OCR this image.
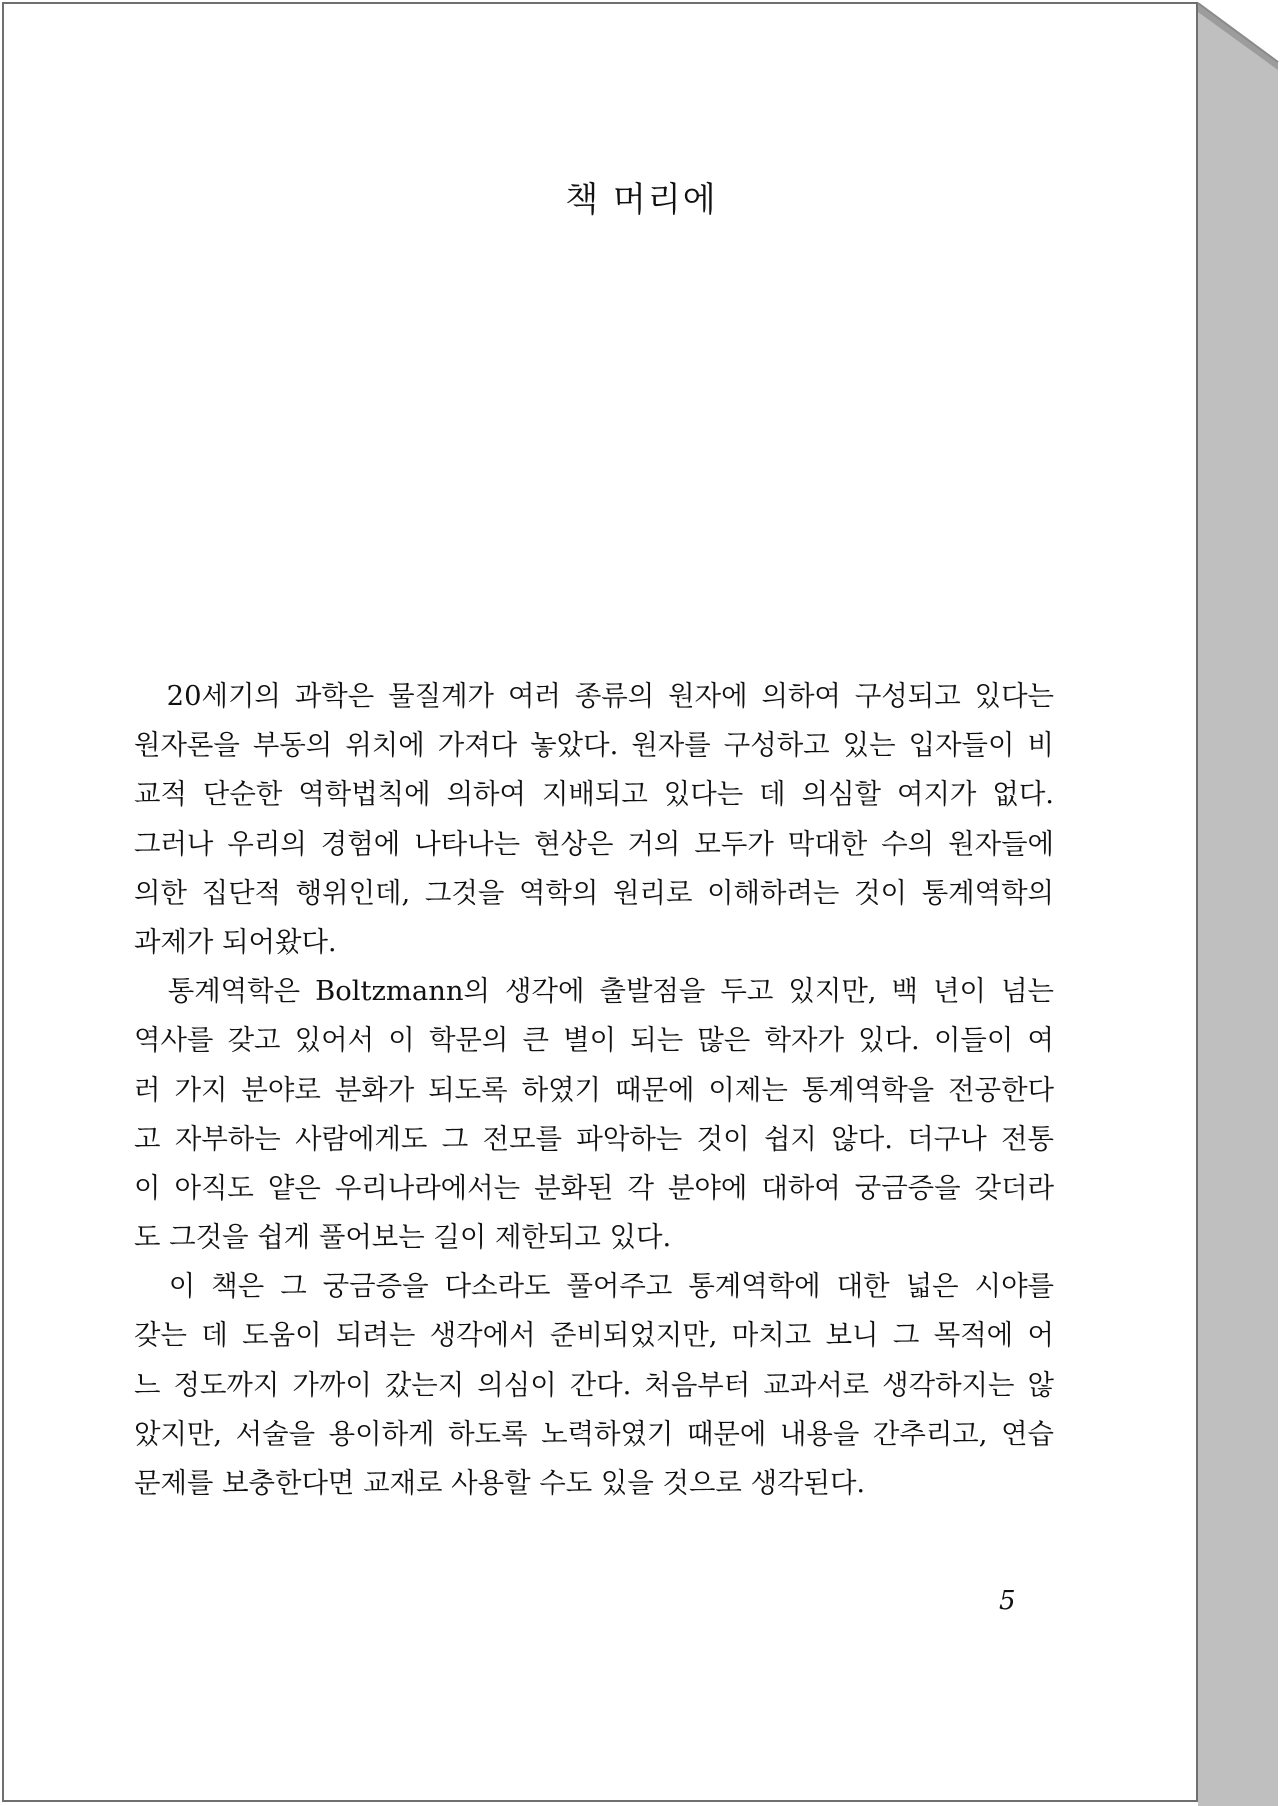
책 머리에
　20세기의 과학은 물질계가 여러 종류의 원자에 의하여 구성되고 있다는
원자론을 부동의 위치에 가져다 놓았다. 원자를 구성하고 있는 입자들이 비
교적 단순한 역학법칙에 의하여 지배되고 있다는 데 의심할 여지가 없다.
그러나 우리의 경험에 나타나는 현상은 거의 모두가 막대한 수의 원자들에
의한 집단적 행위인데, 그것을 역학의 원리로 이해하려는 것이 통계역학의
과제가 되어왔다.
　통계역학은 Boltzmann의 생각에 출발점을 두고 있지만, 백 년이 넘는
역사를 갖고 있어서 이 학문의 큰 별이 되는 많은 학자가 있다. 이들이 여
러 가지 분야로 분화가 되도록 하였기 때문에 이제는 통계역학을 전공한다
고 자부하는 사람에게도 그 전모를 파악하는 것이 쉽지 않다. 더구나 전통
이 아직도 얕은 우리나라에서는 분화된 각 분야에 대하여 궁금증을 갖더라
도 그것을 쉽게 풀어보는 길이 제한되고 있다.
　이 책은 그 궁금증을 다소라도 풀어주고 통계역학에 대한 넓은 시야를
갖는 데 도움이 되려는 생각에서 준비되었지만, 마치고 보니 그 목적에 어
느 정도까지 가까이 갔는지 의심이 간다. 처음부터 교과서로 생각하지는 않
았지만, 서술을 용이하게 하도록 노력하였기 때문에 내용을 간추리고, 연습
문제를 보충한다면 교재로 사용할 수도 있을 것으로 생각된다.
5
